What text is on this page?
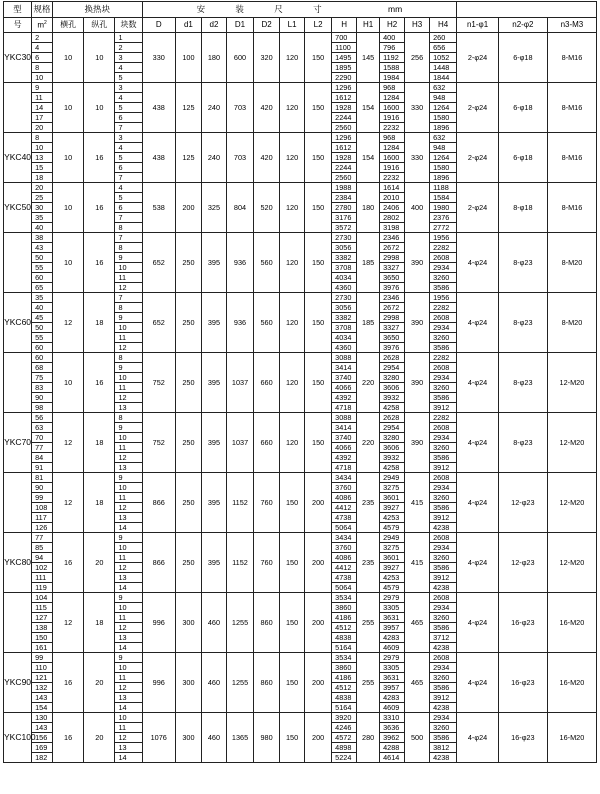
型	规格	换热块			安 装 尺 寸 mm														
号	$m^2$	横孔	纵孔	块数	D	d1	d2	D1	D2	L1	L2	H	H1	H2	H3	H4	n1-φ1	n2-φ2	n3-M3
YKC30	2	10	10	1	330	100	180	600	320	120	150	700	145	400	256	260	2-φ24	6-φ18	8-M16
	4			2								1100		796		656			
	6			3								1495		1192		1052			
	8			4								1895		1588		1448			
	10			5								2290		1984		1844			
	9	10	10	3	438	125	240	703	420	120	150	1296	154	968	330	632	2-φ24	6-φ18	8-M16
	11			4								1612		1284		948			
	14			5								1928		1600		1264			
	17			6								2244		1916		1580			
	20			7								2560		2232		1896			
YKC40	8	10	16	3	438	125	240	703	420	120	150	1296	154	968	330	632	2-φ24	6-φ18	8-M16
	10			4								1612		1284		948			
	13			5								1928		1600		1264			
	15			6								2244		1916		1580			
	18			7								2560		2232		1896			
YKC50	20	10	16	4	538	200	325	804	520	120	150	1988	180	1614	400	1188	2-φ24	8-φ18	8-M16
	25			5								2384		2010		1584			
	30			6								2780		2406		1980			
	35			7								3176		2802		2376			
	40			8								3572		3198		2772			
	38	10	16	7	652	250	395	936	560	120	150	2730	185	2346	390	1956	4-φ24	8-φ23	8-M20
	43			8								3056		2672		2282			
	50			9								3382		2998		2608			
	55			10								3708		3327		2934			
	60			11								4034		3650		3260			
	65			12								4360		3976		3586			
YKC60	35	12	18	7	652	250	395	936	560	120	150	2730	185	2346	390	1956	4-φ24	8-φ23	8-M20
	40			8								3056		2672		2282			
	45			9								3382		2998		2608			
	50			10								3708		3327		2934			
	55			11								4034		3650		3260			
	60			12								4360		3976		3586			
	60	10	16	8	752	250	395	1037	660	120	150	3088	220	2628	390	2282	4-φ24	8-φ23	12-M20
	68			9								3414		2954		2608			
	75			10								3740		3280		2934			
	83			11								4066		3606		3260			
	90			12								4392		3932		3586			
	98			13								4718		4258		3912			
YKC70	56	12	18	8	752	250	395	1037	660	120	150	3088	220	2628	390	2282	4-φ24	8-φ23	12-M20
	63			9								3414		2954		2608			
	70			10								3740		3280		2934			
	77			11								4066		3606		3260			
	84			12								4392		3932		3586			
	91			13								4718		4258		3912			
	81	12	18	9	866	250	395	1152	760	150	200	3434	235	2949	415	2608	4-φ24	12-φ23	12-M20
	90			10								3760		3275		2934			
	99			11								4086		3601		3260			
	108			12								4412		3927		3586			
	117			13								4738		4253		3912			
	126			14								5064		4579		4238			
YKC80	77	16	20	9	866	250	395	1152	760	150	200	3434	235	2949	415	2608	4-φ24	12-φ23	12-M20
	85			10								3760		3275		2934			
	94			11								4086		3601		3260			
	102			12								4412		3927		3586			
	111			13								4738		4253		3912			
	119			14								5064		4579		4238			
	104	12	18	9	996	300	460	1255	860	150	200	3534	255	2979	465	2608	4-φ24	16-φ23	16-M20
	115			10								3860		3305		2934			
	127			11								4186		3631		3260			
	138			12								4512		3957		3586			
	150			13								4838		4283		3712			
	161			14								5164		4609		4238			
YKC90	99	16	20	9	996	300	460	1255	860	150	200	3534	255	2979	465	2608	4-φ24	16-φ23	16-M20
	110			10								3860		3305		2934			
	121			11								4186		3631		3260			
	132			12								4512		3957		3586			
	143			13								4838		4283		3912			
	154			14								5164		4609		4238			
YKC100	130	16	20	10	1076	300	460	1365	980	150	200	3920	280	3310	500	2934	4-φ24	16-φ23	16-M20
	143			11								4246		3636		3260			
	156			12								4572		3962		3586			
	169			13								4898		4288		3812			
	182			14								5224		4614		4238			
